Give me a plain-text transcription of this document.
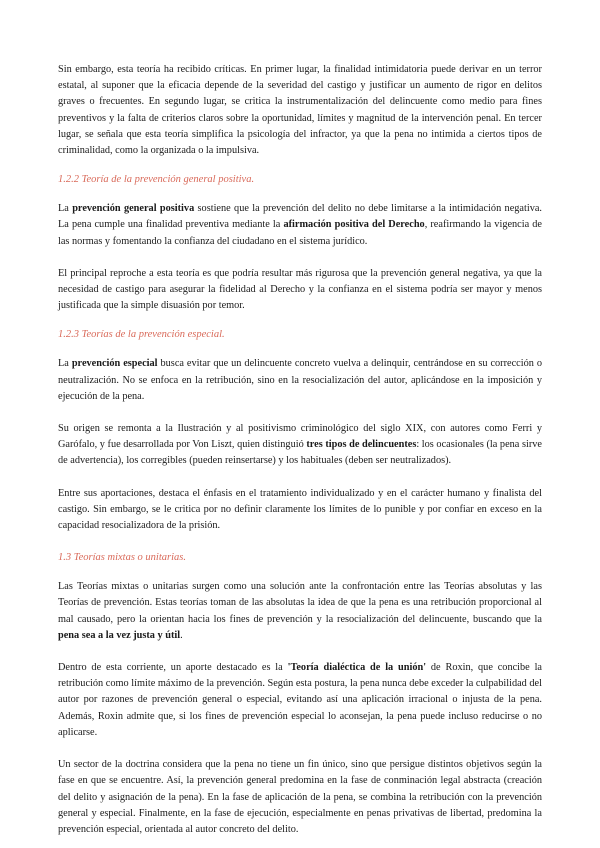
Sin embargo, esta teoría ha recibido críticas. En primer lugar, la finalidad intimidatoria puede derivar en un terror estatal, al suponer que la eficacia depende de la severidad del castigo y justificar un aumento de rigor en delitos graves o frecuentes. En segundo lugar, se critica la instrumentalización del delincuente como medio para fines preventivos y la falta de criterios claros sobre la oportunidad, límites y magnitud de la intervención penal. En tercer lugar, se señala que esta teoría simplifica la psicología del infractor, ya que la pena no intimida a ciertos tipos de criminalidad, como la organizada o la impulsiva.

1.2.2 Teoría de la prevención general positiva.

La prevención general positiva sostiene que la prevención del delito no debe limitarse a la intimidación negativa. La pena cumple una finalidad preventiva mediante la afirmación positiva del Derecho, reafirmando la vigencia de las normas y fomentando la confianza del ciudadano en el sistema jurídico.

El principal reproche a esta teoría es que podría resultar más rigurosa que la prevención general negativa, ya que la necesidad de castigo para asegurar la fidelidad al Derecho y la confianza en el sistema podría ser mayor y menos justificada que la simple disuasión por temor.

1.2.3 Teorías de la prevención especial.

La prevención especial busca evitar que un delincuente concreto vuelva a delinquir, centrándose en su corrección o neutralización. No se enfoca en la retribución, sino en la resocialización del autor, aplicándose en la imposición y ejecución de la pena.

Su origen se remonta a la Ilustración y al positivismo criminológico del siglo XIX, con autores como Ferri y Garófalo, y fue desarrollada por Von Liszt, quien distinguió tres tipos de delincuentes: los ocasionales (la pena sirve de advertencia), los corregibles (pueden reinsertarse) y los habituales (deben ser neutralizados).

Entre sus aportaciones, destaca el énfasis en el tratamiento individualizado y en el carácter humano y finalista del castigo. Sin embargo, se le critica por no definir claramente los límites de lo punible y por confiar en exceso en la capacidad resocializadora de la prisión.

1.3 Teorías mixtas o unitarias.

Las Teorías mixtas o unitarias surgen como una solución ante la confrontación entre las Teorías absolutas y las Teorías de prevención. Estas teorías toman de las absolutas la idea de que la pena es una retribución proporcional al mal causado, pero la orientan hacia los fines de prevención y la resocialización del delincuente, buscando que la pena sea a la vez justa y útil.

Dentro de esta corriente, un aporte destacado es la 'Teoría dialéctica de la unión' de Roxin, que concibe la retribución como límite máximo de la prevención. Según esta postura, la pena nunca debe exceder la culpabilidad del autor por razones de prevención general o especial, evitando así una aplicación irracional o injusta de la pena. Además, Roxin admite que, si los fines de prevención especial lo aconsejan, la pena puede incluso reducirse o no aplicarse.

Un sector de la doctrina considera que la pena no tiene un fin único, sino que persigue distintos objetivos según la fase en que se encuentre. Así, la prevención general predomina en la fase de conminación legal abstracta (creación del delito y asignación de la pena). En la fase de aplicación de la pena, se combina la retribución con la prevención general y especial. Finalmente, en la fase de ejecución, especialmente en penas privativas de libertad, predomina la prevención especial, orientada al autor concreto del delito.
